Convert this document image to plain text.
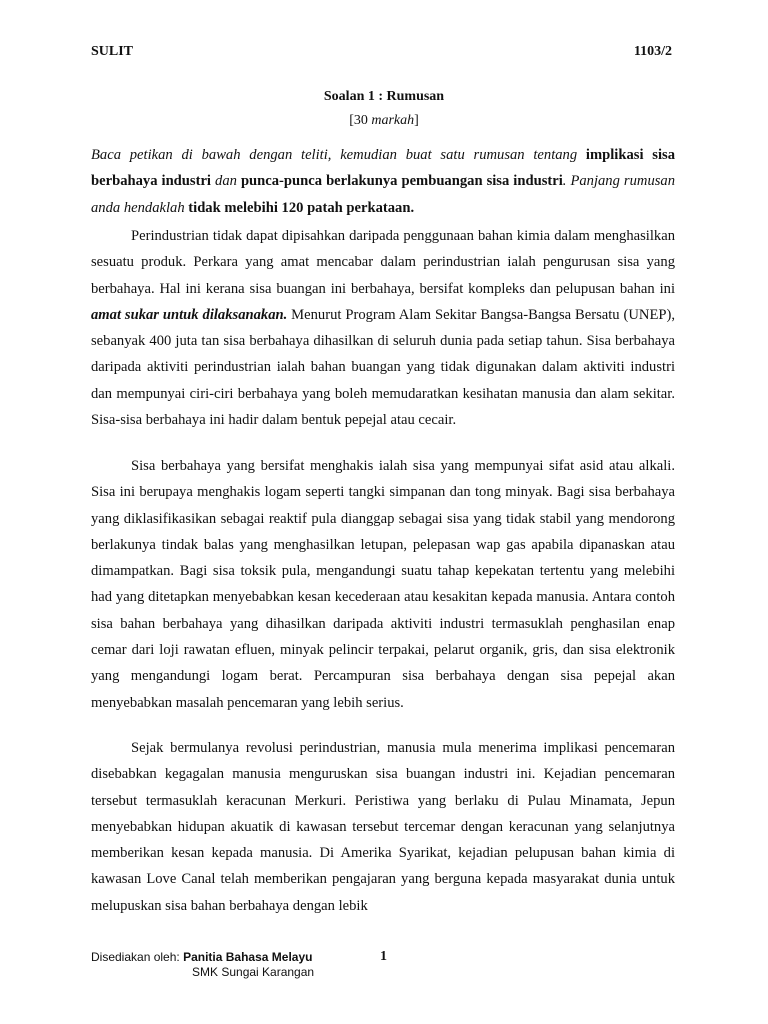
SULIT	1103/2
Soalan 1 : Rumusan
[30 markah]

Baca petikan di bawah dengan teliti, kemudian buat satu rumusan tentang implikasi sisa berbahaya industri dan punca-punca berlakunya pembuangan sisa industri. Panjang rumusan anda hendaklah tidak melebihi 120 patah perkataan.

Perindustrian tidak dapat dipisahkan daripada penggunaan bahan kimia dalam menghasilkan sesuatu produk. Perkara yang amat mencabar dalam perindustrian ialah pengurusan sisa yang berbahaya. Hal ini kerana sisa buangan ini berbahaya, bersifat kompleks dan pelupusan bahan ini amat sukar untuk dilaksanakan. Menurut Program Alam Sekitar Bangsa-Bangsa Bersatu (UNEP), sebanyak 400 juta tan sisa berbahaya dihasilkan di seluruh dunia pada setiap tahun. Sisa berbahaya daripada aktiviti perindustrian ialah bahan buangan yang tidak digunakan dalam aktiviti industri dan mempunyai ciri-ciri berbahaya yang boleh memudaratkan kesihatan manusia dan alam sekitar. Sisa-sisa berbahaya ini hadir dalam bentuk pepejal atau cecair.

Sisa berbahaya yang bersifat menghakis ialah sisa yang mempunyai sifat asid atau alkali. Sisa ini berupaya menghakis logam seperti tangki simpanan dan tong minyak. Bagi sisa berbahaya yang diklasifikasikan sebagai reaktif pula dianggap sebagai sisa yang tidak stabil yang mendorong berlakunya tindak balas yang menghasilkan letupan, pelepasan wap gas apabila dipanaskan atau dimampatkan. Bagi sisa toksik pula, mengandungi suatu tahap kepekatan tertentu yang melebihi had yang ditetapkan menyebabkan kesan kecederaan atau kesakitan kepada manusia. Antara contoh sisa bahan berbahaya yang dihasilkan daripada aktiviti industri termasuklah penghasilan enap cemar dari loji rawatan efluen, minyak pelincir terpakai, pelarut organik, gris, dan sisa elektronik yang mengandungi logam berat. Percampuran sisa berbahaya dengan sisa pepejal akan menyebabkan masalah pencemaran yang lebih serius.

Sejak bermulanya revolusi perindustrian, manusia mula menerima implikasi pencemaran disebabkan kegagalan manusia menguruskan sisa buangan industri ini. Kejadian pencemaran tersebut termasuklah keracunan Merkuri. Peristiwa yang berlaku di Pulau Minamata, Jepun menyebabkan hidupan akuatik di kawasan tersebut tercemar dengan keracunan yang selanjutnya memberikan kesan kepada manusia. Di Amerika Syarikat, kejadian pelupusan bahan kimia di kawasan Love Canal telah memberikan pengajaran yang berguna kepada masyarakat dunia untuk melupuskan sisa bahan berbahaya dengan lebik

Disediakan oleh: Panitia Bahasa Melayu
SMK Sungai Karangan
1
